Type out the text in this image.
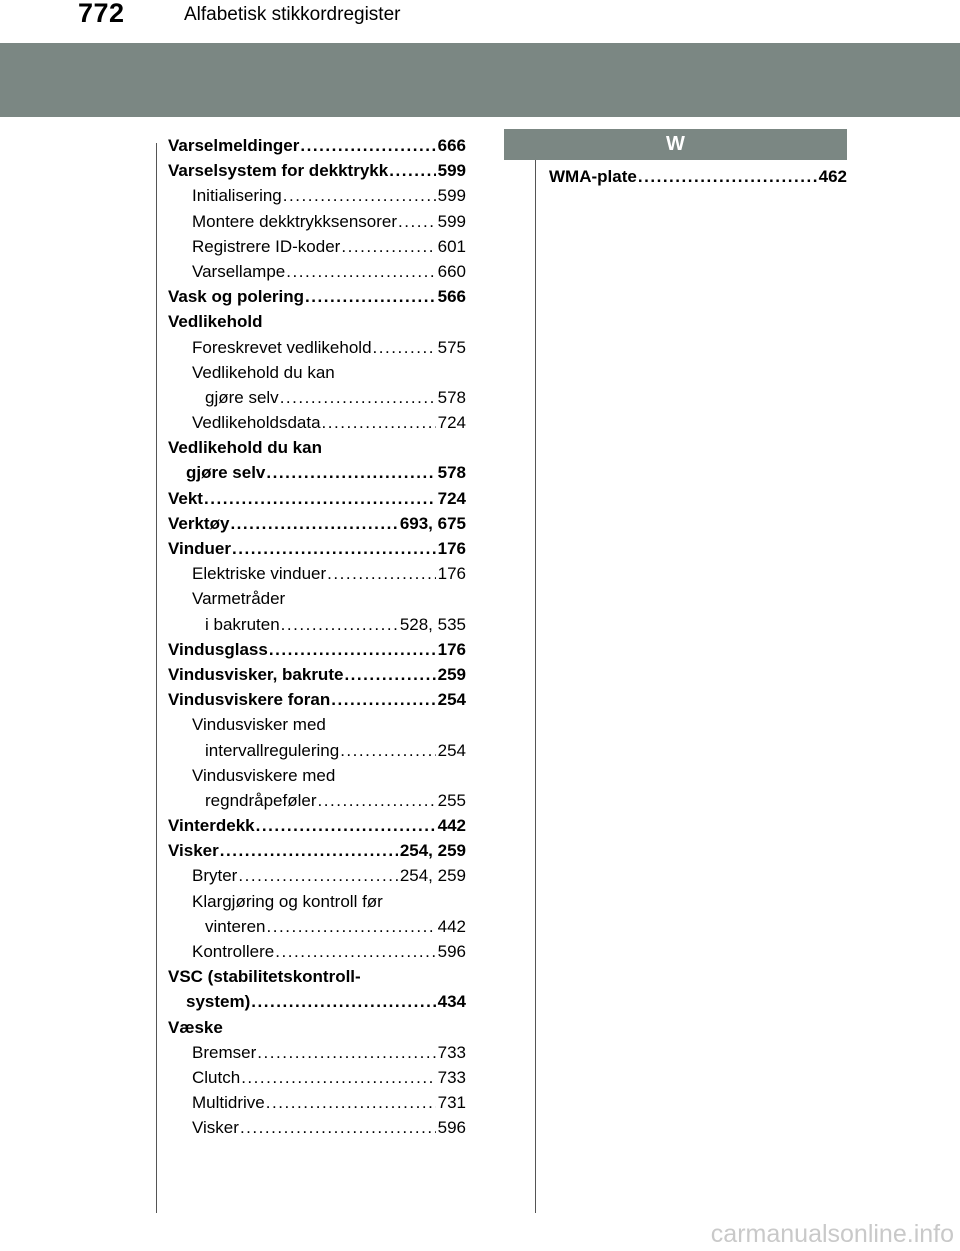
772	Alfabetisk stikkordregister
Varselmeldinger . . .	666
Varselsystem for dekktrykk . . .	599
Initialisering . . .	599
Montere dekktrykksensorer . . . 599
Registrere ID-koder . . .	601
Varsellampe . . .	660
Vask og polering . . .	566
Vedlikehold
Foreskrevet vedlikehold . . .	575
Vedlikehold du kan
gjøre selv . . .	578
Vedlikeholdsdata . . .	724
Vedlikehold du kan
gjøre selv . . .	578
Vekt . . .	724
Verktøy . . .	693, 675
Vinduer . . .	176
Elektriske vinduer . . .	176
Varmetråder
i bakruten . . .	528, 535
Vindusglass . . .	176
Vindusvisker, bakrute . . .	259
Vindusviskere foran . . .	254
Vindusvisker med
intervallregulering . . .	254
Vindusviskere med
regndråpeføler . . .	255
Vinterdekk . . .	442
Visker . . .	254, 259
Bryter . . .	254, 259
Klargjøring og kontroll før
vinteren . . .	442
Kontrollere . . .	596
VSC (stabilitetskontroll-
system) . . .	434
Væske
Bremser . . .	733
Clutch . . .	733
Multidrive . . .	731
Visker . . .	596
W
WMA-plate . . .	462
carmanualsonline.info
